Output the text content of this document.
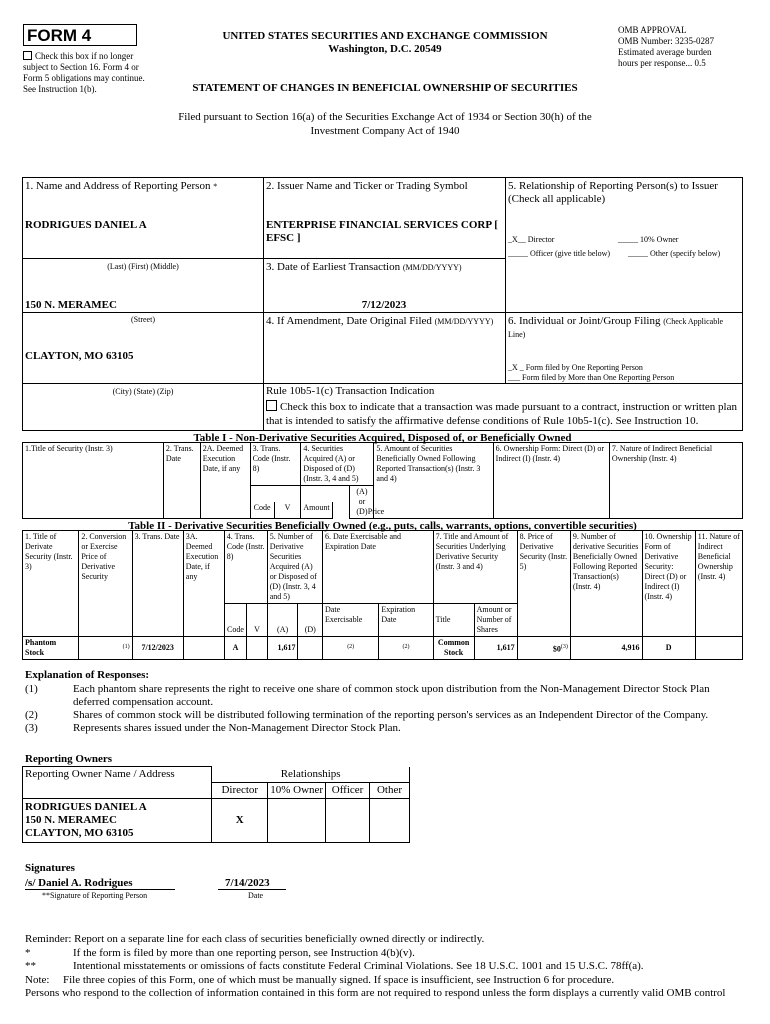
FORM 4
Check this box if no longer subject to Section 16. Form 4 or Form 5 obligations may continue. See Instruction 1(b).
UNITED STATES SECURITIES AND EXCHANGE COMMISSION
Washington, D.C. 20549
STATEMENT OF CHANGES IN BENEFICIAL OWNERSHIP OF SECURITIES
OMB APPROVAL
OMB Number: 3235-0287
Estimated average burden
hours per response... 0.5
Filed pursuant to Section 16(a) of the Securities Exchange Act of 1934 or Section 30(h) of the
Investment Company Act of 1940
1. Name and Address of Reporting Person *
RODRIGUES DANIEL A
(Last) (First) (Middle)
150 N. MERAMEC
(Street)
CLAYTON, MO 63105
(City) (State) (Zip)
2. Issuer Name and Ticker or Trading Symbol
ENTERPRISE FINANCIAL SERVICES CORP [
EFSC ]
3. Date of Earliest Transaction (MM/DD/YYYY)
7/12/2023
4. If Amendment, Date Original Filed (MM/DD/YYYY)
5. Relationship of Reporting Person(s) to Issuer
(Check all applicable)
_X__ Director	_____ 10% Owner
_____ Officer (give title below) _____ Other (specify below)
6. Individual or Joint/Group Filing (Check Applicable Line)
_X _ Form filed by One Reporting Person
___ Form filed by More than One Reporting Person
Rule 10b5-1(c) Transaction Indication
Check this box to indicate that a transaction was made pursuant to a contract, instruction or written plan that is intended to satisfy the affirmative defense conditions of Rule 10b5-1(c). See Instruction 10.
Table I - Non-Derivative Securities Acquired, Disposed of, or Beneficially Owned
1.Title of Security (Instr. 3)	2. Trans. Date	2A. Deemed Execution Date, if any	3. Trans. Code (Instr. 8)		4. Securities Acquired (A) or Disposed of (D) (Instr. 3, 4 and 5)			5. Amount of Securities Beneficially Owned Following Reported Transaction(s) (Instr. 3 and 4)	6. Ownership Form: Direct (D) or Indirect (I) (Instr. 4)	7. Nature of Indirect Beneficial Ownership (Instr. 4)
							(A) or (D)			
			Code	V	Amount					Price
Table II - Derivative Securities Beneficially Owned (e.g., puts, calls, warrants, options, convertible securities)
1. Title of Derivate Security (Instr. 3)	2. Conversion or Exercise Price of Derivative Security	3. Trans. Date	3A. Deemed Execution Date, if any	4. Trans. Code (Instr. 8)		5. Number of Derivative Securities Acquired (A) or Disposed of (D) (Instr. 3, 4 and 5)		6. Date Exercisable and Expiration Date		7. Title and Amount of Securities Underlying Derivative Security (Instr. 3 and 4)		8. Price of Derivative Security (Instr. 5)	9. Number of derivative Securities Beneficially Owned Following Reported Transaction(s) (Instr. 4)	10. Ownership Form of Derivative Security: Direct (D) or Indirect (I) (Instr. 4)	11. Nature of Indirect Beneficial Ownership (Instr. 4)
				Code	V	(A)	(D)	Date Exercisable	Expiration Date	Title	Amount or Number of Shares				
Phantom Stock	$^{(1)}$	7/12/2023		A		1,617		$^{(2)}$	$^{(2)}$	Common Stock	1,617	$0$^{(3)}$	4,916	D	
Explanation of Responses:
(1)	Each phantom share represents the right to receive one share of common stock upon distribution from the Non-Management Director Stock Plan deferred compensation account.
(2)	Shares of common stock will be distributed following termination of the reporting person's services as an Independent Director of the Company.
(3)	Represents shares issued under the Non-Management Director Stock Plan.
Reporting Owners
Reporting Owner Name / Address	Relationships			
	Director	10% Owner	Officer	Other

RODRIGUES DANIEL A
150 N. MERAMEC
CLAYTON, MO 63105	X			
Signatures
/s/ Daniel A. Rodrigues	7/14/2023
**Signature of Reporting Person	Date
Reminder: Report on a separate line for each class of securities beneficially owned directly or indirectly.
*	If the form is filed by more than one reporting person, see Instruction 4(b)(v).
**	Intentional misstatements or omissions of facts constitute Federal Criminal Violations. See 18 U.S.C. 1001 and 15 U.S.C. 78ff(a).
Note:	File three copies of this Form, one of which must be manually signed. If space is insufficient, see Instruction 6 for procedure.
Persons who respond to the collection of information contained in this form are not required to respond unless the form displays a currently valid OMB control
